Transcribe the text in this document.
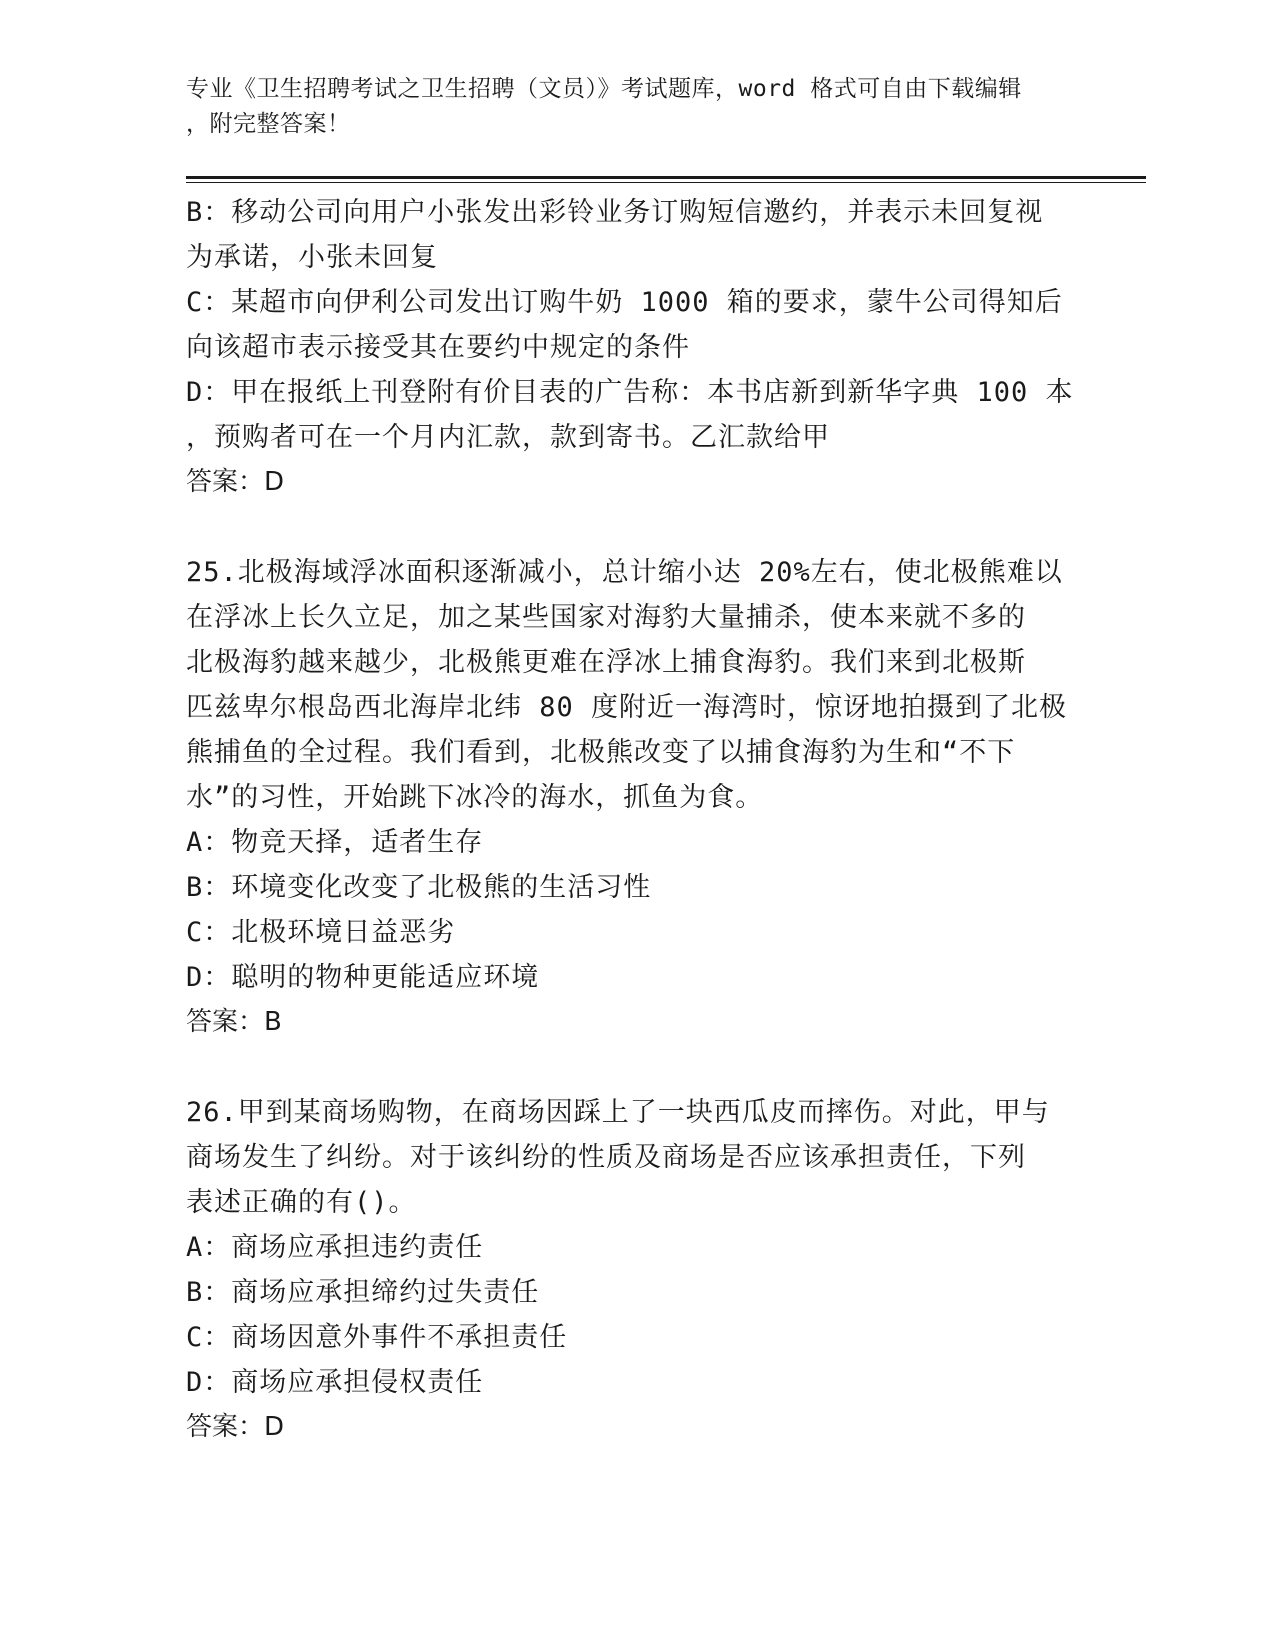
专业《卫生招聘考试之卫生招聘（文员）》考试题库，word 格式可自由下载编辑
，附完整答案！
B：移动公司向用户小张发出彩铃业务订购短信邀约，并表示未回复视
为承诺，小张未回复
C：某超市向伊利公司发出订购牛奶 1000 箱的要求，蒙牛公司得知后
向该超市表示接受其在要约中规定的条件
D：甲在报纸上刊登附有价目表的广告称：本书店新到新华字典 100 本
，预购者可在一个月内汇款，款到寄书。乙汇款给甲
答案：D
25.北极海域浮冰面积逐渐减小，总计缩小达 20%左右，使北极熊难以
在浮冰上长久立足，加之某些国家对海豹大量捕杀，使本来就不多的
北极海豹越来越少，北极熊更难在浮冰上捕食海豹。我们来到北极斯
匹兹卑尔根岛西北海岸北纬 80 度附近一海湾时，惊讶地拍摄到了北极
熊捕鱼的全过程。我们看到，北极熊改变了以捕食海豹为生和“不下
水”的习性，开始跳下冰冷的海水，抓鱼为食。
A：物竞天择，适者生存
B：环境变化改变了北极熊的生活习性
C：北极环境日益恶劣
D：聪明的物种更能适应环境
答案：B
26.甲到某商场购物，在商场因踩上了一块西瓜皮而摔伤。对此，甲与
商场发生了纠纷。对于该纠纷的性质及商场是否应该承担责任，下列
表述正确的有()。
A：商场应承担违约责任
B：商场应承担缔约过失责任
C：商场因意外事件不承担责任
D：商场应承担侵权责任
答案：D
